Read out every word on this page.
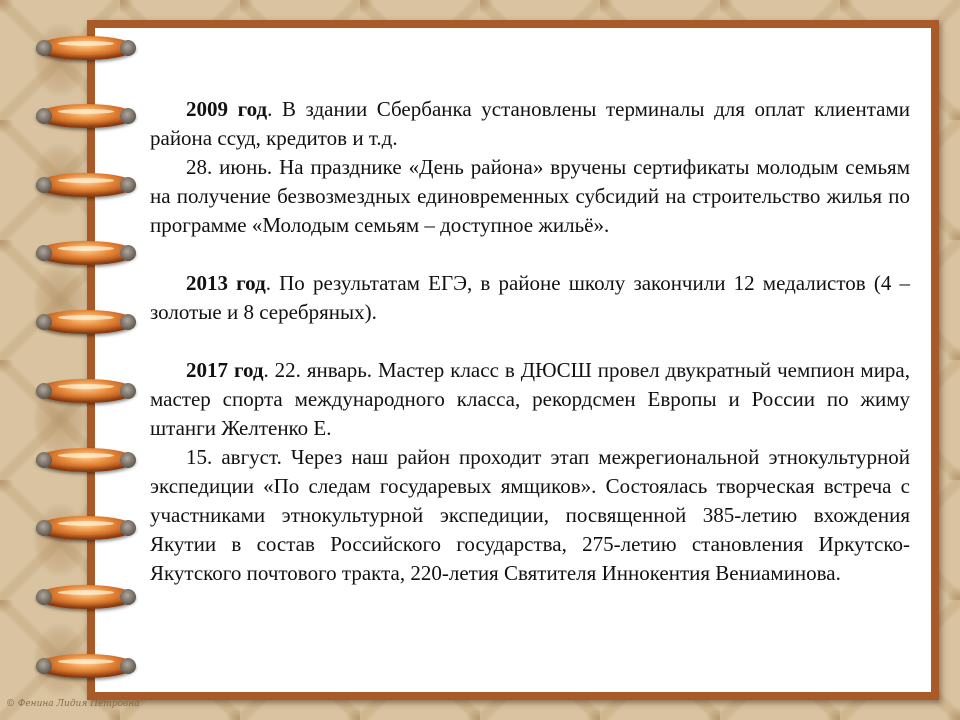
2009 год. В здании Сбербанка установлены терминалы для оплат клиентами района ссуд, кредитов и т.д.

28. июнь. На празднике «День района» вручены сертификаты молодым семьям на получение безвозмездных единовременных субсидий на строительство жилья по программе «Молодым семьям – доступное жильё».

2013 год. По результатам ЕГЭ, в районе школу закончили 12 медалистов (4 – золотые и 8 серебряных).

2017 год. 22. январь. Мастер класс в ДЮСШ провел двукратный чемпион мира, мастер спорта международного класса, рекордсмен Европы и России по жиму штанги Желтенко Е.

15. август. Через наш район проходит этап межрегиональной этнокультурной экспедиции «По следам государевых ямщиков». Состоялась творческая встреча с участниками этнокультурной экспедиции, посвященной 385-летию вхождения Якутии в состав Российского государства, 275-летию становления Иркутско-Якутского почтового тракта, 220-летия Святителя Иннокентия Вениаминова.

© Фенина Лидия Петровна
